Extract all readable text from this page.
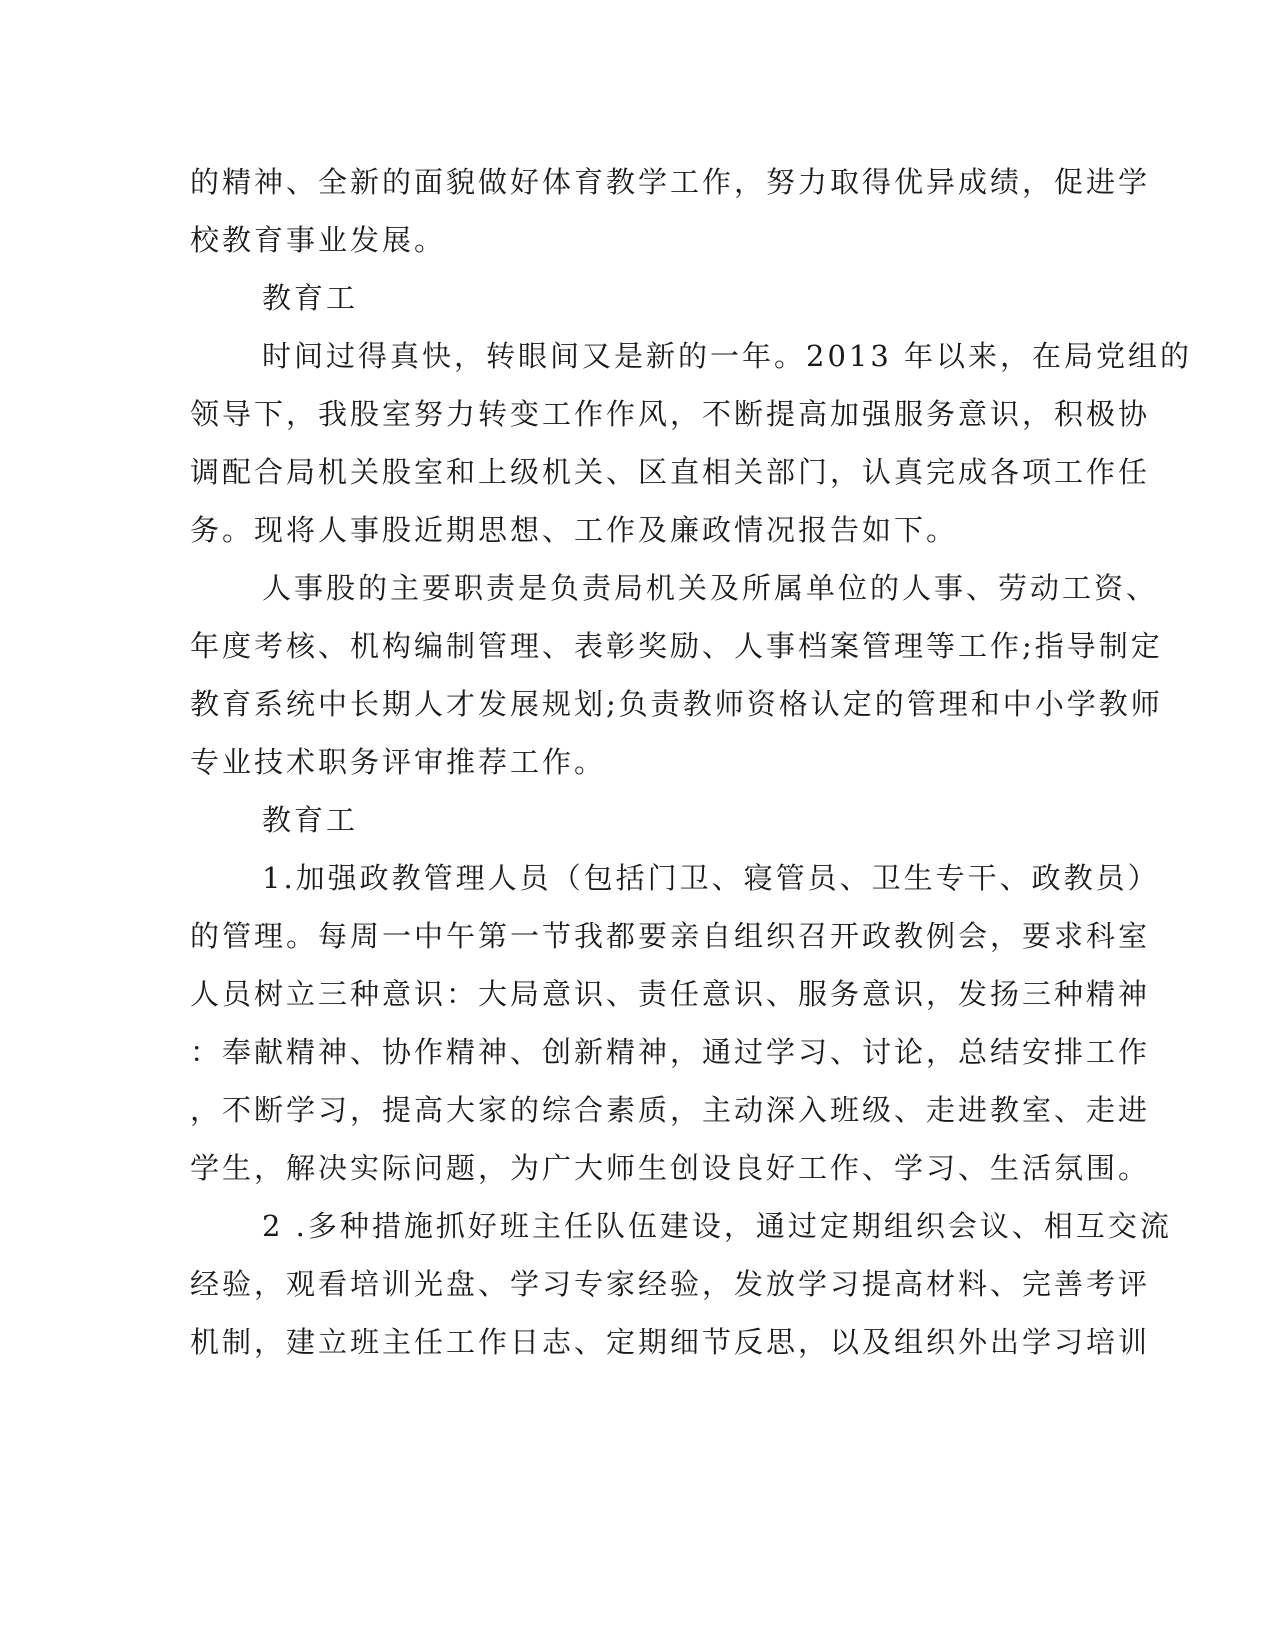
的精神、全新的面貌做好体育教学工作，努力取得优异成绩，促进学
校教育事业发展。
教育工
时间过得真快，转眼间又是新的一年。2013 年以来，在局党组的
领导下，我股室努力转变工作作风，不断提高加强服务意识，积极协
调配合局机关股室和上级机关、区直相关部门，认真完成各项工作任
务。现将人事股近期思想、工作及廉政情况报告如下。
人事股的主要职责是负责局机关及所属单位的人事、劳动工资、
年度考核、机构编制管理、表彰奖励、人事档案管理等工作;指导制定
教育系统中长期人才发展规划;负责教师资格认定的管理和中小学教师
专业技术职务评审推荐工作。
教育工
1.加强政教管理人员（包括门卫、寝管员、卫生专干、政教员）
的管理。每周一中午第一节我都要亲自组织召开政教例会，要求科室
人员树立三种意识：大局意识、责任意识、服务意识，发扬三种精神
：奉献精神、协作精神、创新精神，通过学习、讨论，总结安排工作
，不断学习，提高大家的综合素质，主动深入班级、走进教室、走进
学生，解决实际问题，为广大师生创设良好工作、学习、生活氛围。
2 .多种措施抓好班主任队伍建设，通过定期组织会议、相互交流
经验，观看培训光盘、学习专家经验，发放学习提高材料、完善考评
机制，建立班主任工作日志、定期细节反思，以及组织外出学习培训
